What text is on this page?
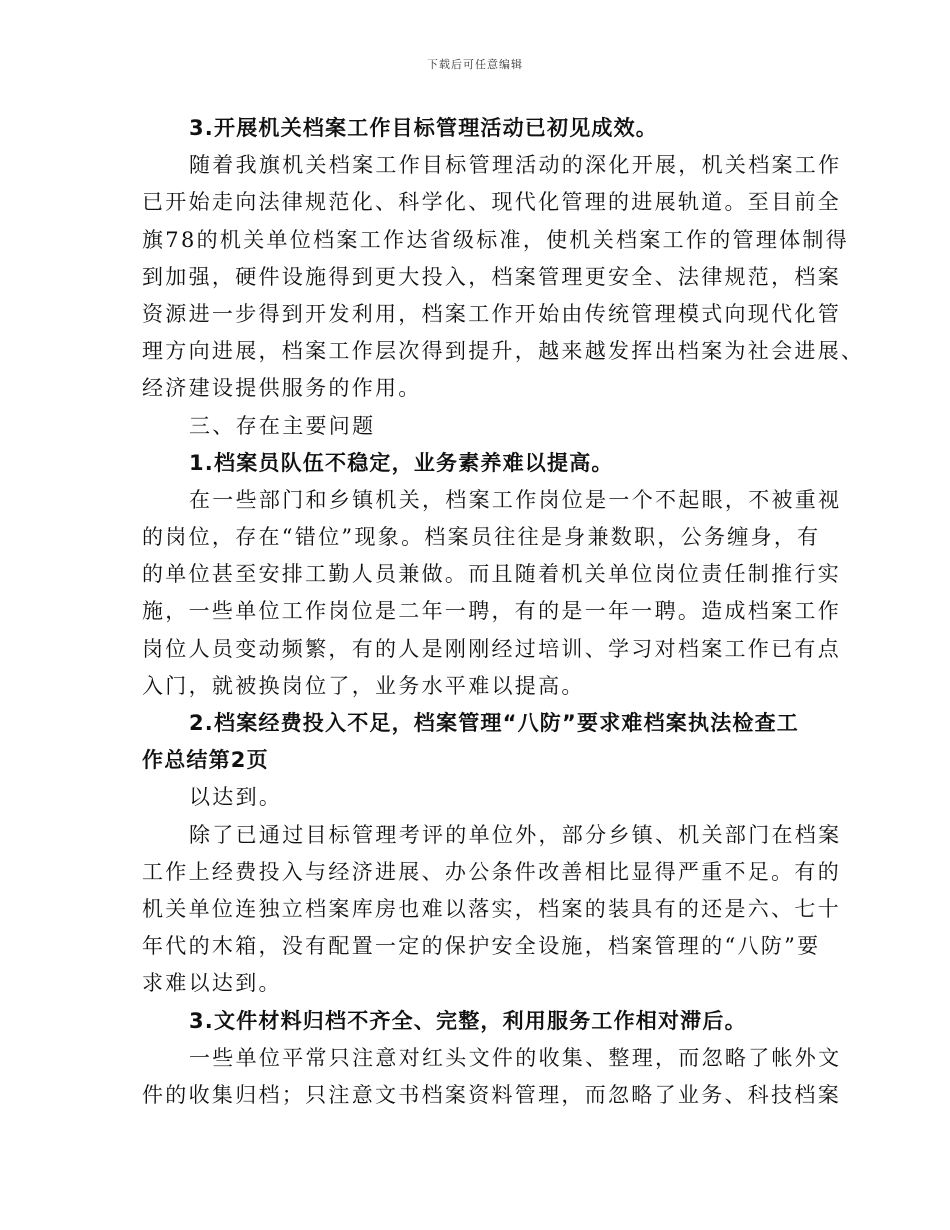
下载后可任意编辑
3.开展机关档案工作目标管理活动已初见成效。
随着我旗机关档案工作目标管理活动的深化开展，机关档案工作
已开始走向法律规范化、科学化、现代化管理的进展轨道。至目前全
旗78的机关单位档案工作达省级标准，使机关档案工作的管理体制得
到加强，硬件设施得到更大投入，档案管理更安全、法律规范，档案
资源进一步得到开发利用，档案工作开始由传统管理模式向现代化管
理方向进展，档案工作层次得到提升，越来越发挥出档案为社会进展、
经济建设提供服务的作用。
三、存在主要问题
1.档案员队伍不稳定，业务素养难以提高。
在一些部门和乡镇机关，档案工作岗位是一个不起眼，不被重视
的岗位，存在“错位”现象。档案员往往是身兼数职，公务缠身，有
的单位甚至安排工勤人员兼做。而且随着机关单位岗位责任制推行实
施，一些单位工作岗位是二年一聘，有的是一年一聘。造成档案工作
岗位人员变动频繁，有的人是刚刚经过培训、学习对档案工作已有点
入门，就被换岗位了，业务水平难以提高。
2.档案经费投入不足，档案管理“八防”要求难档案执法检查工
作总结第2页
以达到。
除了已通过目标管理考评的单位外，部分乡镇、机关部门在档案
工作上经费投入与经济进展、办公条件改善相比显得严重不足。有的
机关单位连独立档案库房也难以落实，档案的装具有的还是六、七十
年代的木箱，没有配置一定的保护安全设施，档案管理的“八防”要
求难以达到。
3.文件材料归档不齐全、完整，利用服务工作相对滞后。
一些单位平常只注意对红头文件的收集、整理，而忽略了帐外文
件的收集归档；只注意文书档案资料管理，而忽略了业务、科技档案
